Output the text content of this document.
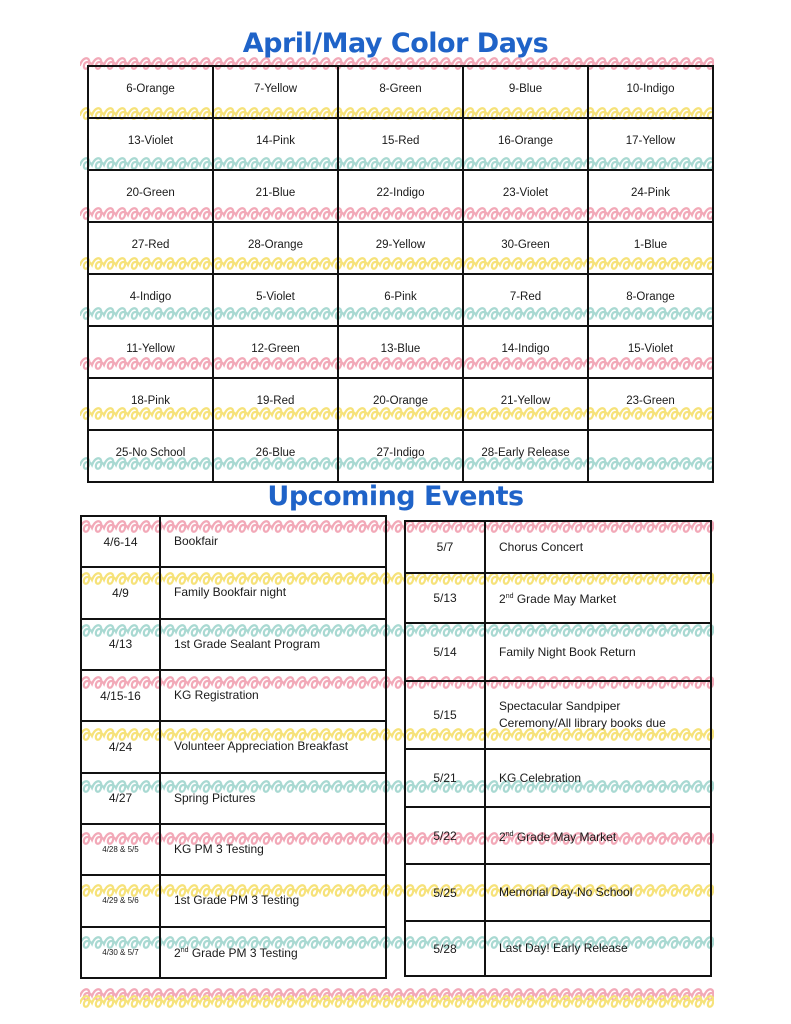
April/May Color Days
6-Orange	7-Yellow	8-Green	9-Blue	10-Indigo
13-Violet	14-Pink	15-Red	16-Orange	17-Yellow
20-Green	21-Blue	22-Indigo	23-Violet	24-Pink
27-Red	28-Orange	29-Yellow	30-Green	1-Blue
4-Indigo	5-Violet	6-Pink	7-Red	8-Orange
11-Yellow	12-Green	13-Blue	14-Indigo	15-Violet
18-Pink	19-Red	20-Orange	21-Yellow	23-Green
25-No School	26-Blue	27-Indigo	28-Early Release	
Upcoming Events
4/6-14	Bookfair
4/9	Family Bookfair night
4/13	1st Grade Sealant Program
4/15-16	KG Registration
4/24	Volunteer Appreciation Breakfast
4/27	Spring Pictures
4/28 & 5/5	KG PM 3 Testing
4/29 & 5/6	1st Grade PM 3 Testing
4/30 & 5/7	2nd Grade PM 3 Testing
5/7	Chorus Concert
5/13	2nd Grade May Market
5/14	Family Night Book Return
5/15	Spectacular Sandpiper
Ceremony/All library books due
5/21	KG Celebration
5/22	2nd Grade May Market
5/25	Memorial Day-No School
5/28	Last Day! Early Release
